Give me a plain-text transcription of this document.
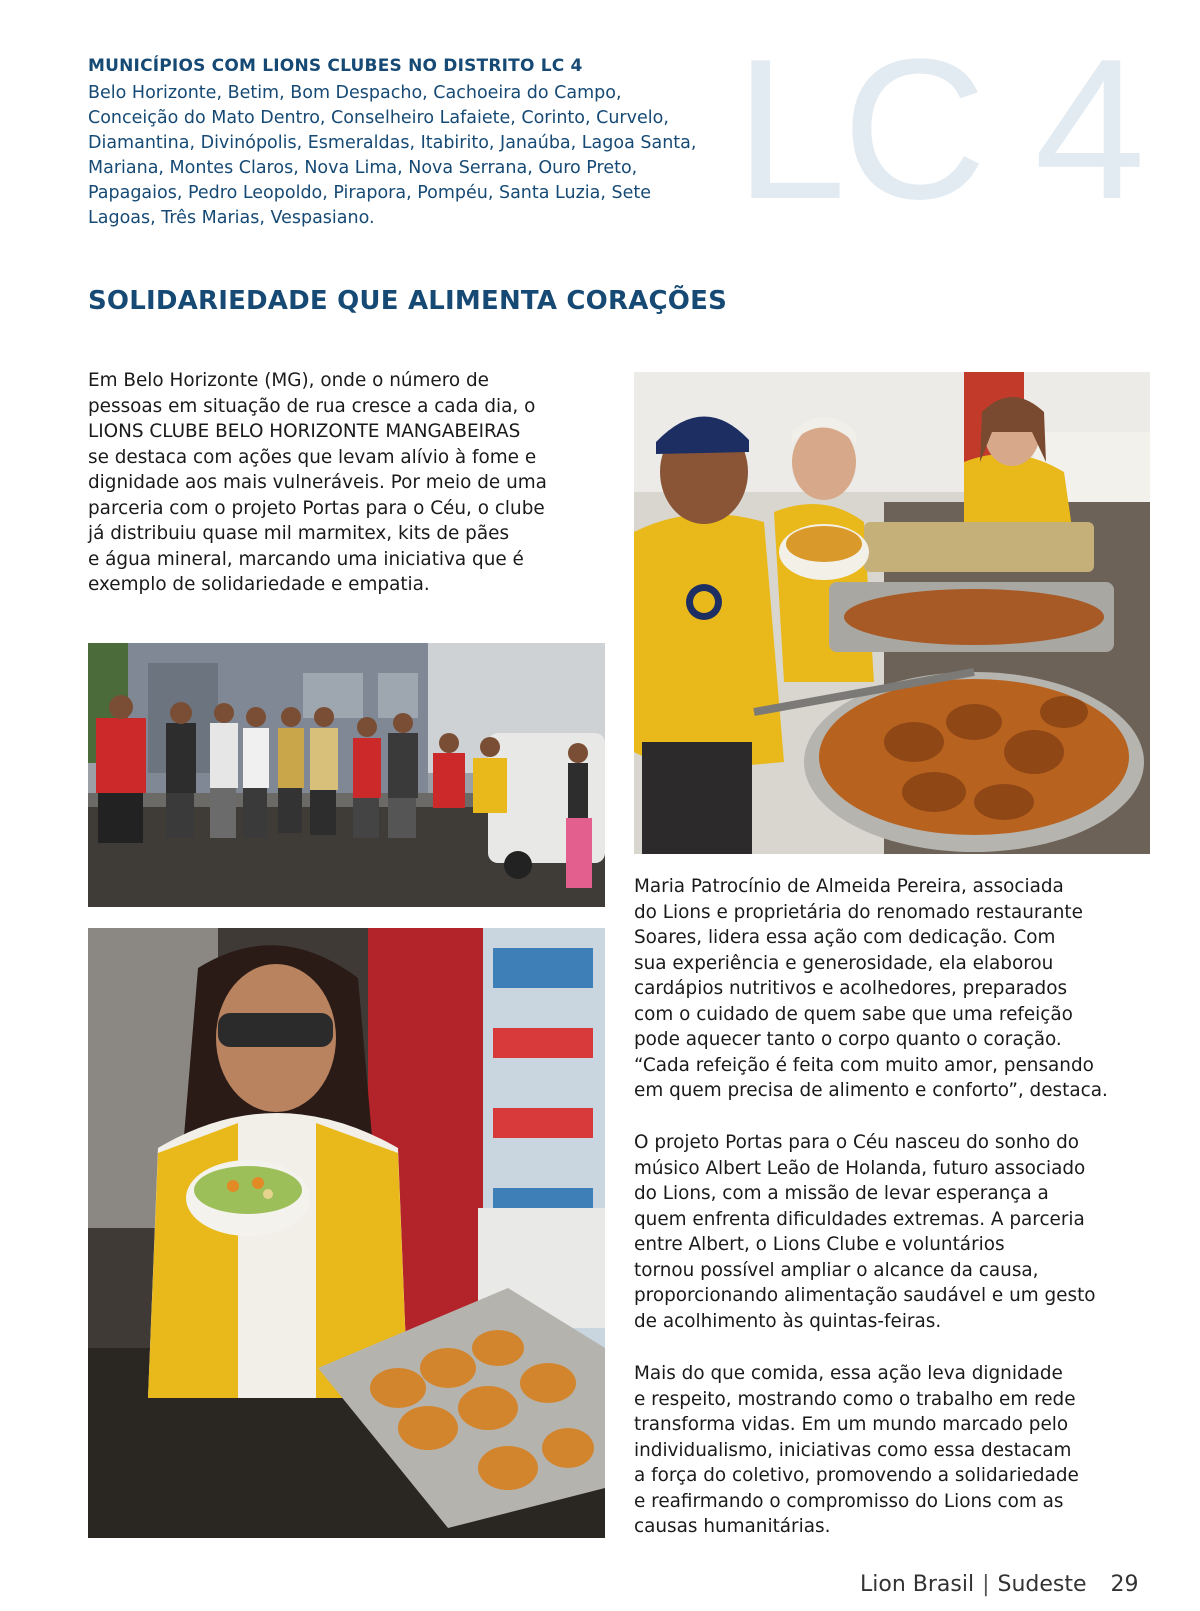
LC 4
MUNICÍPIOS COM LIONS CLUBES NO DISTRITO LC 4
Belo Horizonte, Betim, Bom Despacho, Cachoeira do Campo, Conceição do Mato Dentro, Conselheiro Lafaiete, Corinto, Curvelo, Diamantina, Divinópolis, Esmeraldas, Itabirito, Janaúba, Lagoa Santa, Mariana, Montes Claros, Nova Lima, Nova Serrana, Ouro Preto, Papagaios, Pedro Leopoldo, Pirapora, Pompéu, Santa Luzia, Sete Lagoas, Três Marias, Vespasiano.
SOLIDARIEDADE QUE ALIMENTA CORAÇÕES
Em Belo Horizonte (MG), onde o número de
pessoas em situação de rua cresce a cada dia, o
LIONS CLUBE BELO HORIZONTE MANGABEIRAS
se destaca com ações que levam alívio à fome e
dignidade aos mais vulneráveis. Por meio de uma
parceria com o projeto Portas para o Céu, o clube
já distribuiu quase mil marmitex, kits de pães
e água mineral, marcando uma iniciativa que é
exemplo de solidariedade e empatia.
Maria Patrocínio de Almeida Pereira, associada
do Lions e proprietária do renomado restaurante
Soares, lidera essa ação com dedicação. Com
sua experiência e generosidade, ela elaborou
cardápios nutritivos e acolhedores, preparados
com o cuidado de quem sabe que uma refeição
pode aquecer tanto o corpo quanto o coração.
“Cada refeição é feita com muito amor, pensando
em quem precisa de alimento e conforto”, destaca.
O projeto Portas para o Céu nasceu do sonho do
músico Albert Leão de Holanda, futuro associado
do Lions, com a missão de levar esperança a
quem enfrenta dificuldades extremas. A parceria
entre Albert, o Lions Clube e voluntários
tornou possível ampliar o alcance da causa,
proporcionando alimentação saudável e um gesto
de acolhimento às quintas-feiras.
Mais do que comida, essa ação leva dignidade
e respeito, mostrando como o trabalho em rede
transforma vidas. Em um mundo marcado pelo
individualismo, iniciativas como essa destacam
a força do coletivo, promovendo a solidariedade
e reafirmando o compromisso do Lions com as
causas humanitárias.
Lion Brasil | Sudeste 29
